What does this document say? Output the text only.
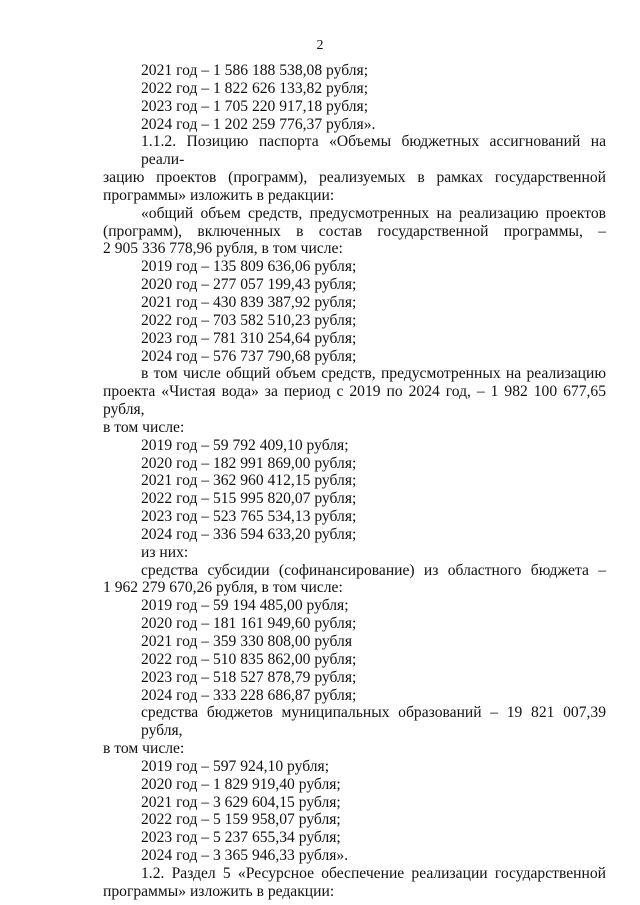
2
2021 год – 1 586 188 538,08 рубля;
2022 год – 1 822 626 133,82 рубля;
2023 год – 1 705 220 917,18 рубля;
2024 год – 1 202 259 776,37 рубля».
1.1.2. Позицию паспорта «Объемы бюджетных ассигнований на реали-
зацию проектов (программ), реализуемых в рамках государственной
программы» изложить в редакции:
«общий объем средств, предусмотренных на реализацию проектов
(программ), включенных в состав государственной программы, –
2 905 336 778,96 рубля, в том числе:
2019 год – 135 809 636,06 рубля;
2020 год – 277 057 199,43 рубля;
2021 год – 430 839 387,92 рубля;
2022 год – 703 582 510,23 рубля;
2023 год – 781 310 254,64 рубля;
2024 год – 576 737 790,68 рубля;
в том числе общий объем средств, предусмотренных на реализацию
проекта «Чистая вода» за период с 2019 по 2024 год, – 1 982 100 677,65 рубля,
в том числе:
2019 год – 59 792 409,10 рубля;
2020 год – 182 991 869,00 рубля;
2021 год – 362 960 412,15 рубля;
2022 год – 515 995 820,07 рубля;
2023 год – 523 765 534,13 рубля;
2024 год – 336 594 633,20 рубля;
из них:
средства субсидии (софинансирование) из областного бюджета –
1 962 279 670,26 рубля, в том числе:
2019 год – 59 194 485,00 рубля;
2020 год – 181 161 949,60 рубля;
2021 год – 359 330 808,00 рубля
2022 год – 510 835 862,00 рубля;
2023 год – 518 527 878,79 рубля;
2024 год – 333 228 686,87 рубля;
средства бюджетов муниципальных образований – 19 821 007,39 рубля,
в том числе:
2019 год – 597 924,10 рубля;
2020 год – 1 829 919,40 рубля;
2021 год – 3 629 604,15 рубля;
2022 год – 5 159 958,07 рубля;
2023 год – 5 237 655,34 рубля;
2024 год – 3 365 946,33 рубля».
1.2. Раздел 5 «Ресурсное обеспечение реализации государственной
программы» изложить в редакции:
